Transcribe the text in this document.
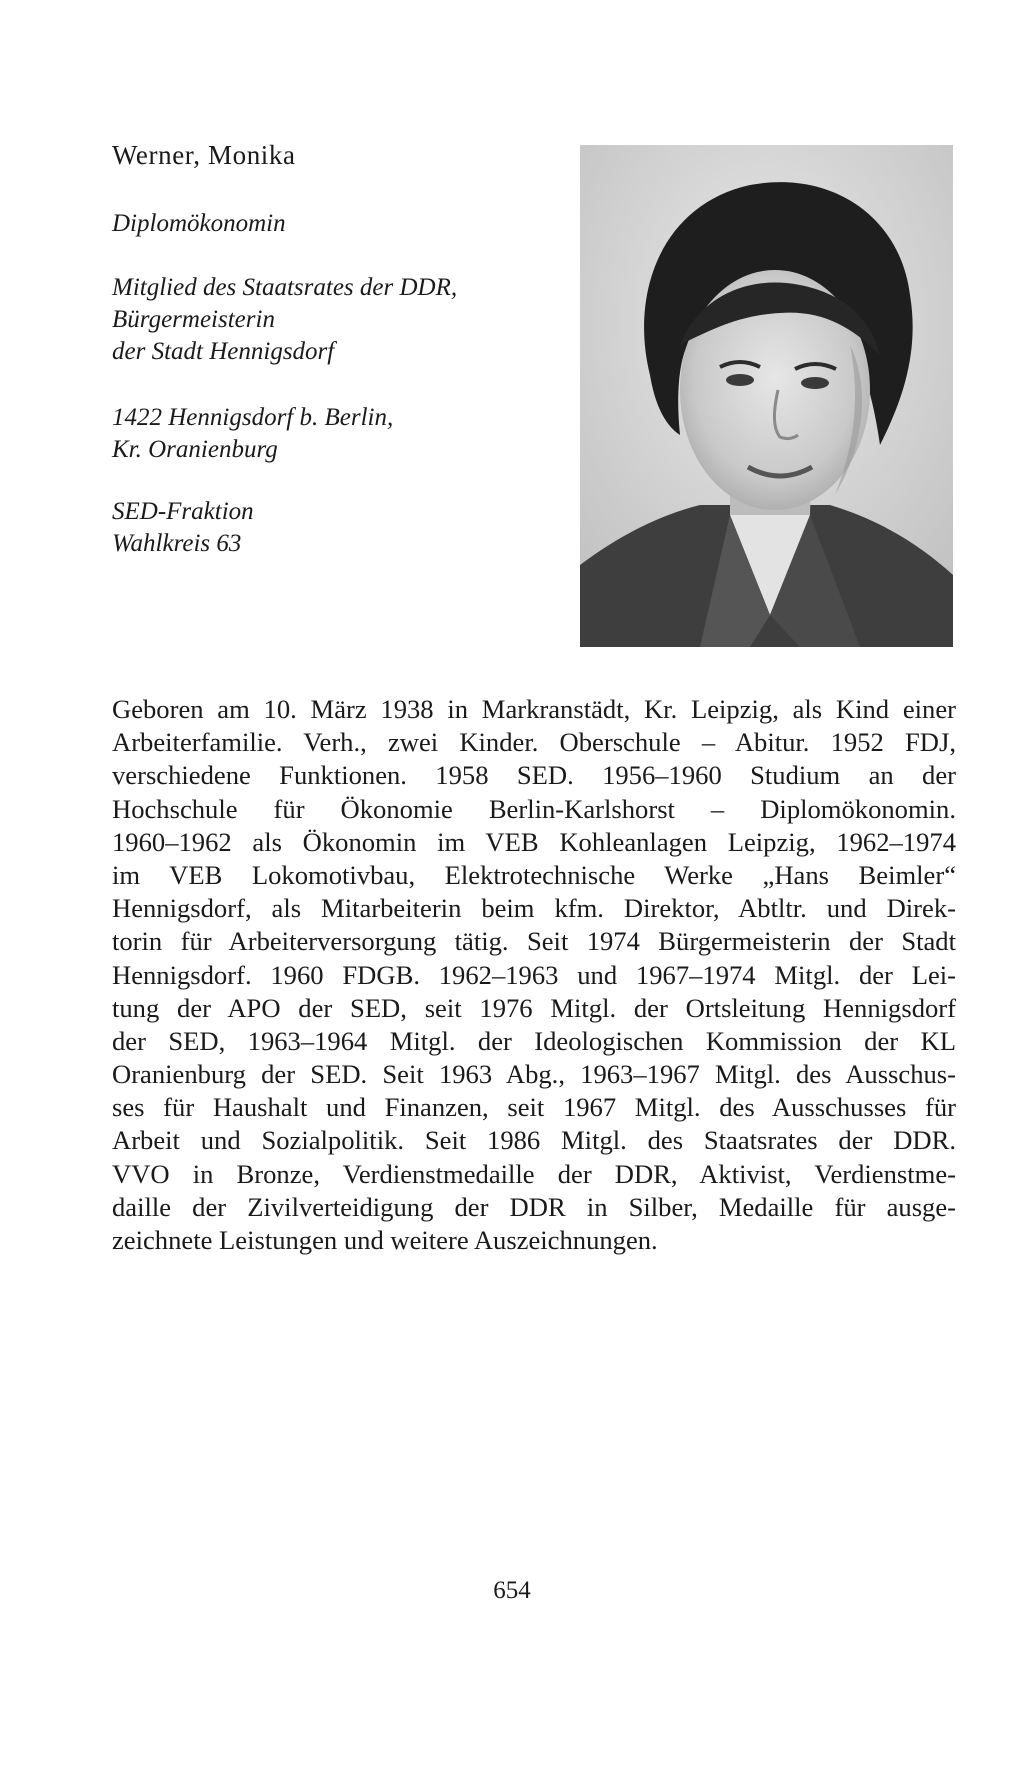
Werner, Monika
Diplomökonomin
Mitglied des Staatsrates der DDR,
Bürgermeisterin
der Stadt Hennigsdorf
1422 Hennigsdorf b. Berlin,
Kr. Oranienburg
SED-Fraktion
Wahlkreis 63
Geboren am 10. März 1938 in Markranstädt, Kr. Leipzig, als Kind einer
Arbeiterfamilie. Verh., zwei Kinder. Oberschule – Abitur. 1952 FDJ,
verschiedene Funktionen. 1958 SED. 1956–1960 Studium an der
Hochschule für Ökonomie Berlin-Karlshorst – Diplomökonomin.
1960–1962 als Ökonomin im VEB Kohleanlagen Leipzig, 1962–1974
im VEB Lokomotivbau, Elektrotechnische Werke „Hans Beimler“
Hennigsdorf, als Mitarbeiterin beim kfm. Direktor, Abtltr. und Direk-
torin für Arbeiterversorgung tätig. Seit 1974 Bürgermeisterin der Stadt
Hennigsdorf. 1960 FDGB. 1962–1963 und 1967–1974 Mitgl. der Lei-
tung der APO der SED, seit 1976 Mitgl. der Ortsleitung Hennigsdorf
der SED, 1963–1964 Mitgl. der Ideologischen Kommission der KL
Oranienburg der SED. Seit 1963 Abg., 1963–1967 Mitgl. des Ausschus-
ses für Haushalt und Finanzen, seit 1967 Mitgl. des Ausschusses für
Arbeit und Sozialpolitik. Seit 1986 Mitgl. des Staatsrates der DDR.
VVO in Bronze, Verdienstmedaille der DDR, Aktivist, Verdienstme-
daille der Zivilverteidigung der DDR in Silber, Medaille für ausge-
zeichnete Leistungen und weitere Auszeichnungen.
654
